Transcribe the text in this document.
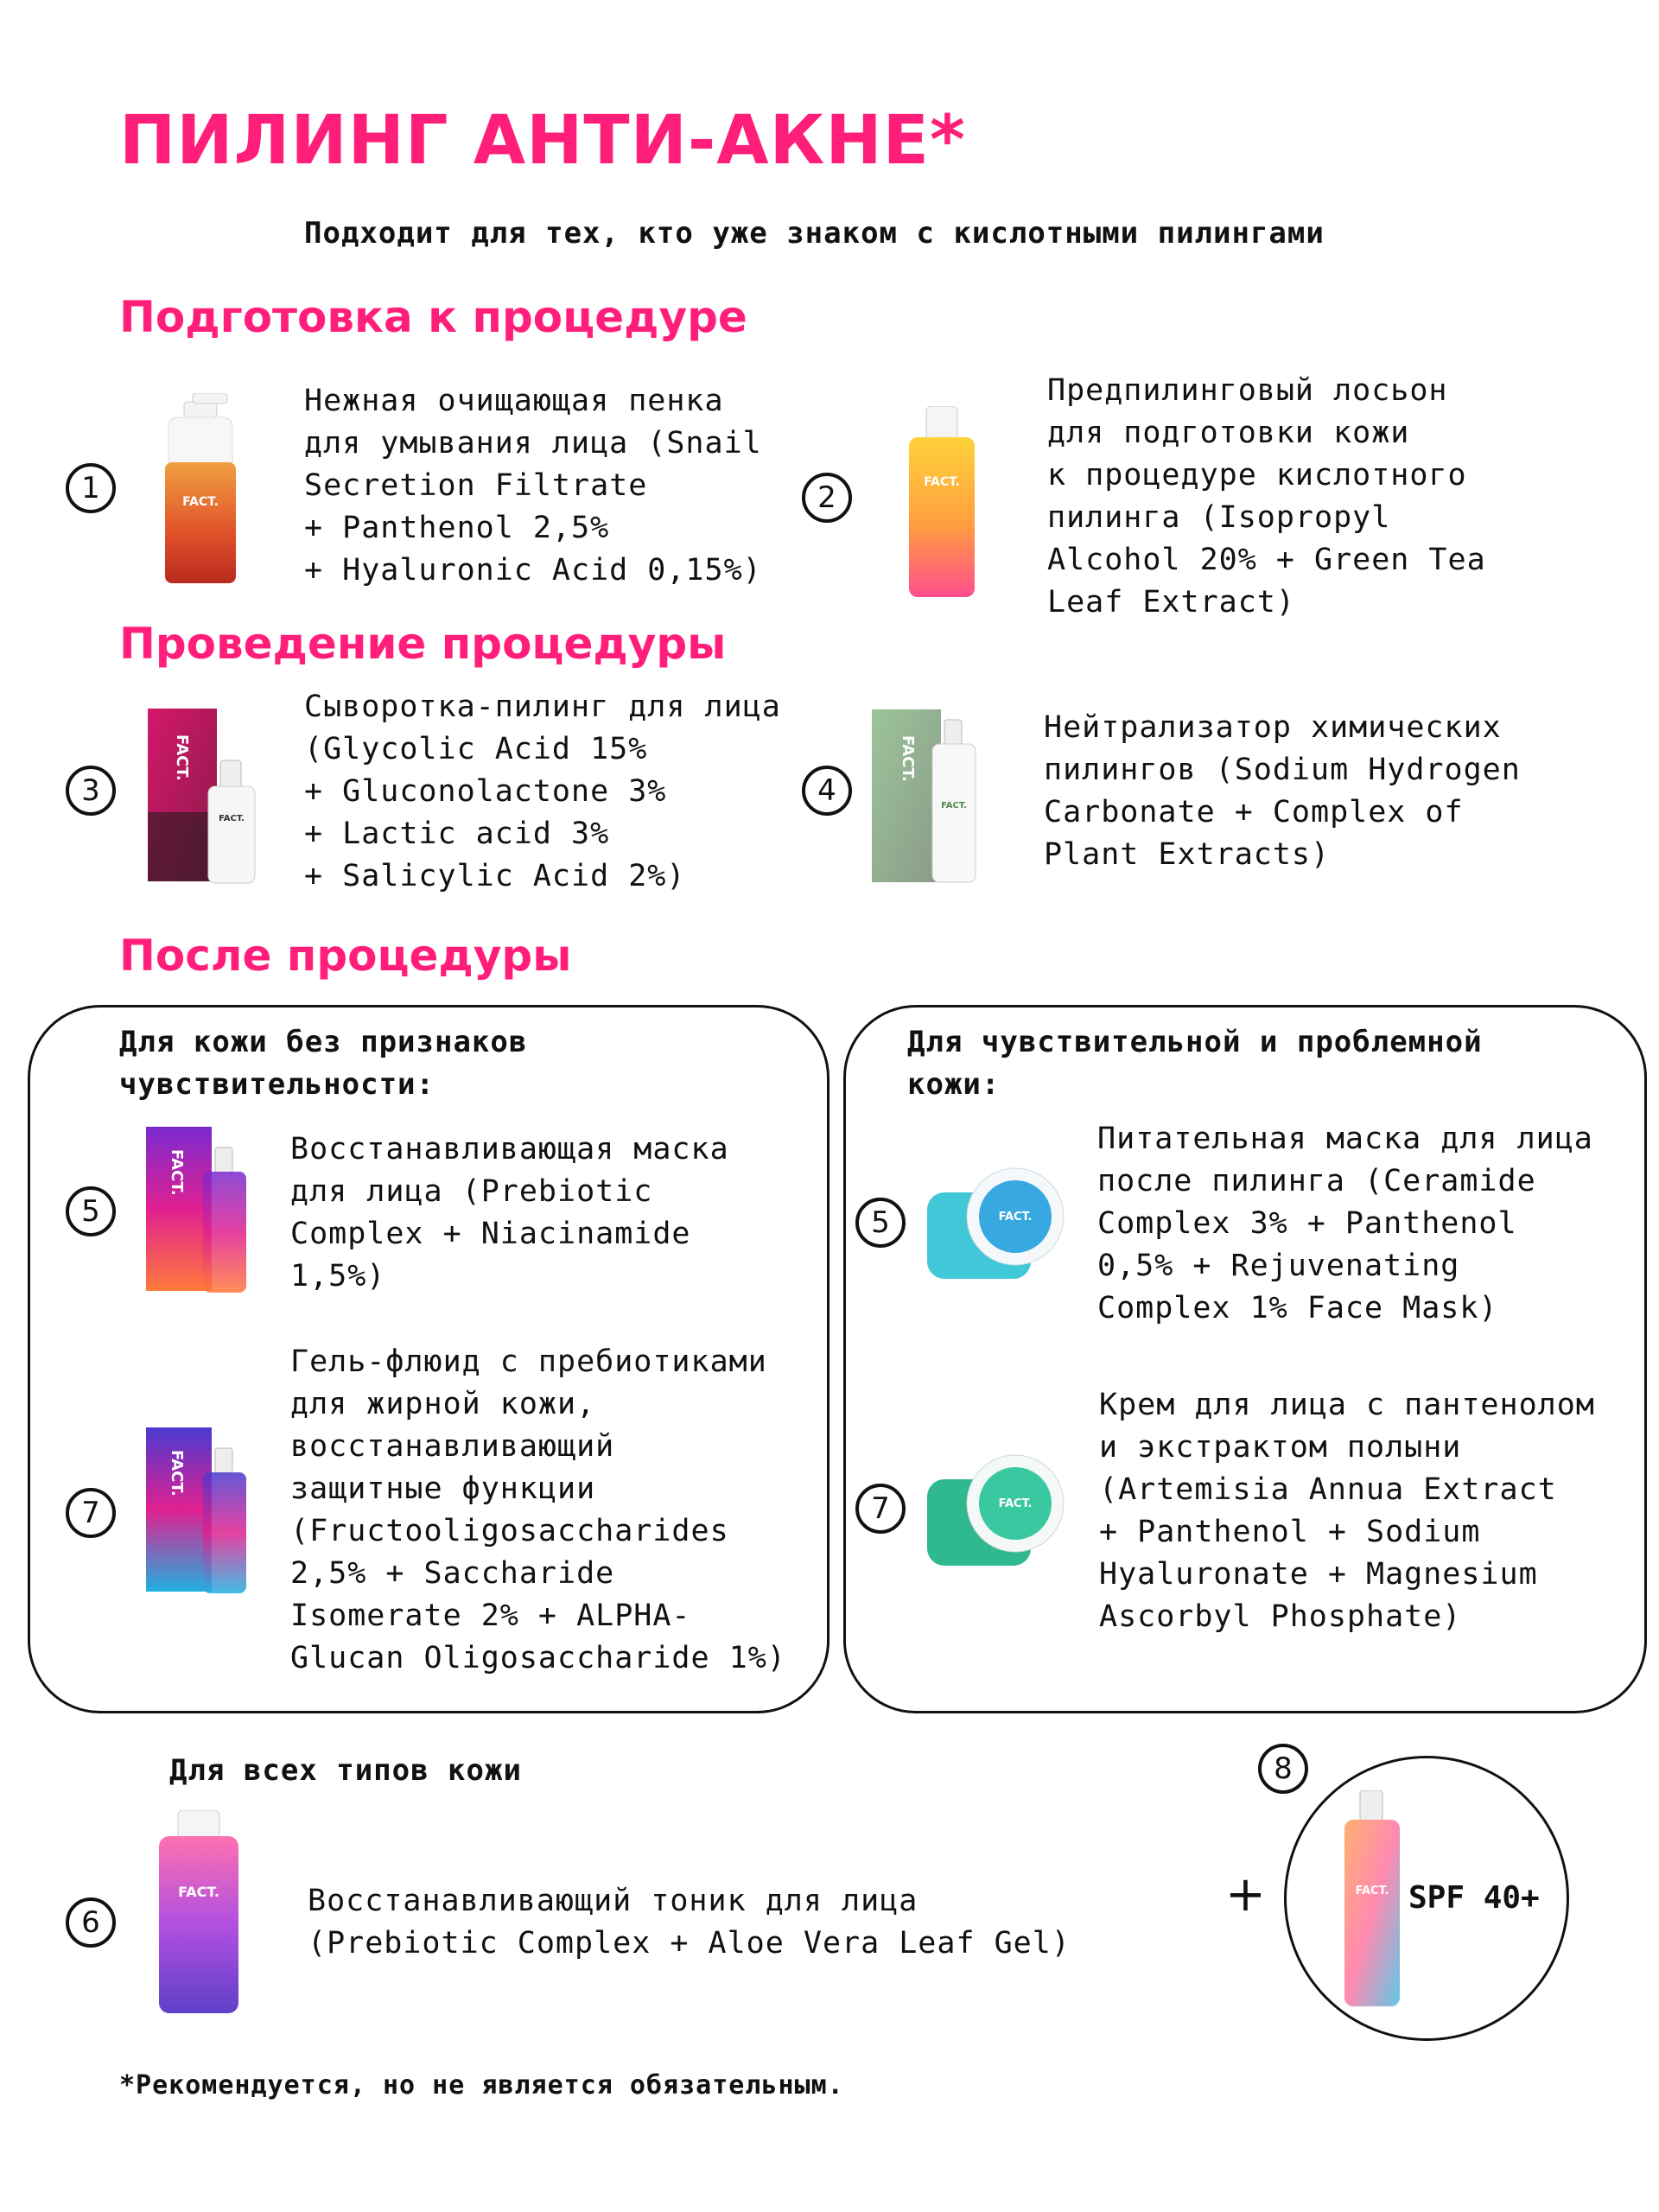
ПИЛИНГ АНТИ-АКНЕ*
Подходит для тех, кто уже знаком с кислотными пилингами
Подготовка к процедуре
1	FACT.
Нежная очищающая пенка
для умывания лица (Snail
Secretion Filtrate
+ Panthenol 2,5%
+ Hyaluronic Acid 0,15%)
2	FACT.
Предпилинговый лосьон
для подготовки кожи
к процедуре кислотного
пилинга (Isopropyl
Alcohol 20% + Green Tea
Leaf Extract)
Проведение процедуры
3
FACT.
FACT.
Сыворотка-пилинг для лица
(Glycolic Acid 15%
+ Gluconolactone 3%
+ Lactic acid 3%
+ Salicylic Acid 2%)
4
FACT.
FACT.
Нейтрализатор химических
пилингов (Sodium Hydrogen
Carbonate + Complex of
Plant Extracts)
После процедуры
Для кожи без признаков
чувствительности:
Для чувствительной и проблемной
кожи:
5
FACT.	Восстанавливающая маска
для лица (Prebiotic
Complex + Niacinamide
1,5%)
7
FACT.
Гель-флюид с пребиотиками
для жирной кожи,
восстанавливающий
защитные функции
(Fructooligosaccharides
2,5% + Saccharide
Isomerate 2% + ALPHA-
Glucan Oligosaccharide 1%)
5	FACT.
Питательная маска для лица
после пилинга (Ceramide
Complex 3% + Panthenol
0,5% + Rejuvenating
Complex 1% Face Mask)
7	FACT.
Крем для лица с пантенолом
и экстрактом полыни
(Artemisia Annua Extract
+ Panthenol + Sodium
Hyaluronate + Magnesium
Ascorbyl Phosphate)
Для всех типов кожи
6
FACT.	Восстанавливающий тоник для лица
(Prebiotic Complex + Aloe Vera Leaf Gel)
+
8
FACT. SPF 40+
*Рекомендуется, но не является обязательным.
